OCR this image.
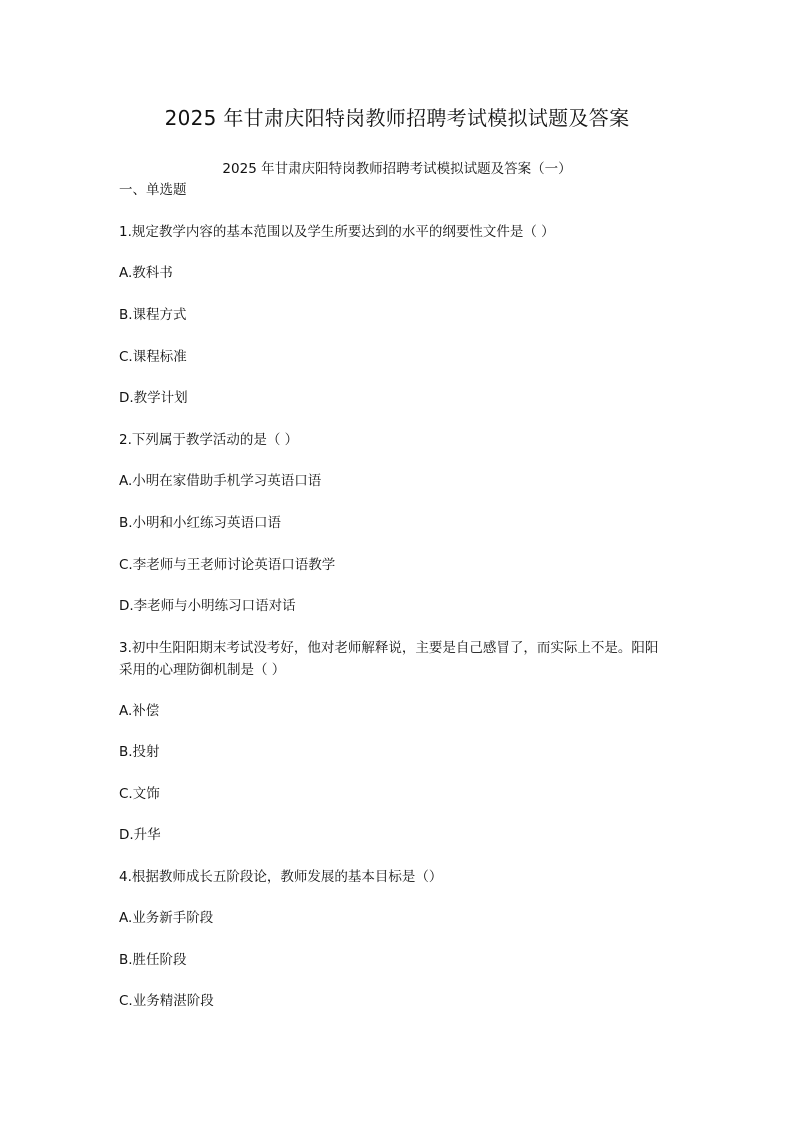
2025 年甘肃庆阳特岗教师招聘考试模拟试题及答案
2025 年甘肃庆阳特岗教师招聘考试模拟试题及答案（一）
一、单选题
1.规定教学内容的基本范围以及学生所要达到的水平的纲要性文件是（ ）
A.教科书
B.课程方式
C.课程标准
D.教学计划
2.下列属于教学活动的是（ ）
A.小明在家借助手机学习英语口语
B.小明和小红练习英语口语
C.李老师与王老师讨论英语口语教学
D.李老师与小明练习口语对话
3.初中生阳阳期末考试没考好，他对老师解释说，主要是自己感冒了，而实际上不是。阳阳采用的心理防御机制是（ ）
A.补偿
B.投射
C.文饰
D.升华
4.根据教师成长五阶段论，教师发展的基本目标是（）
A.业务新手阶段
B.胜任阶段
C.业务精湛阶段
